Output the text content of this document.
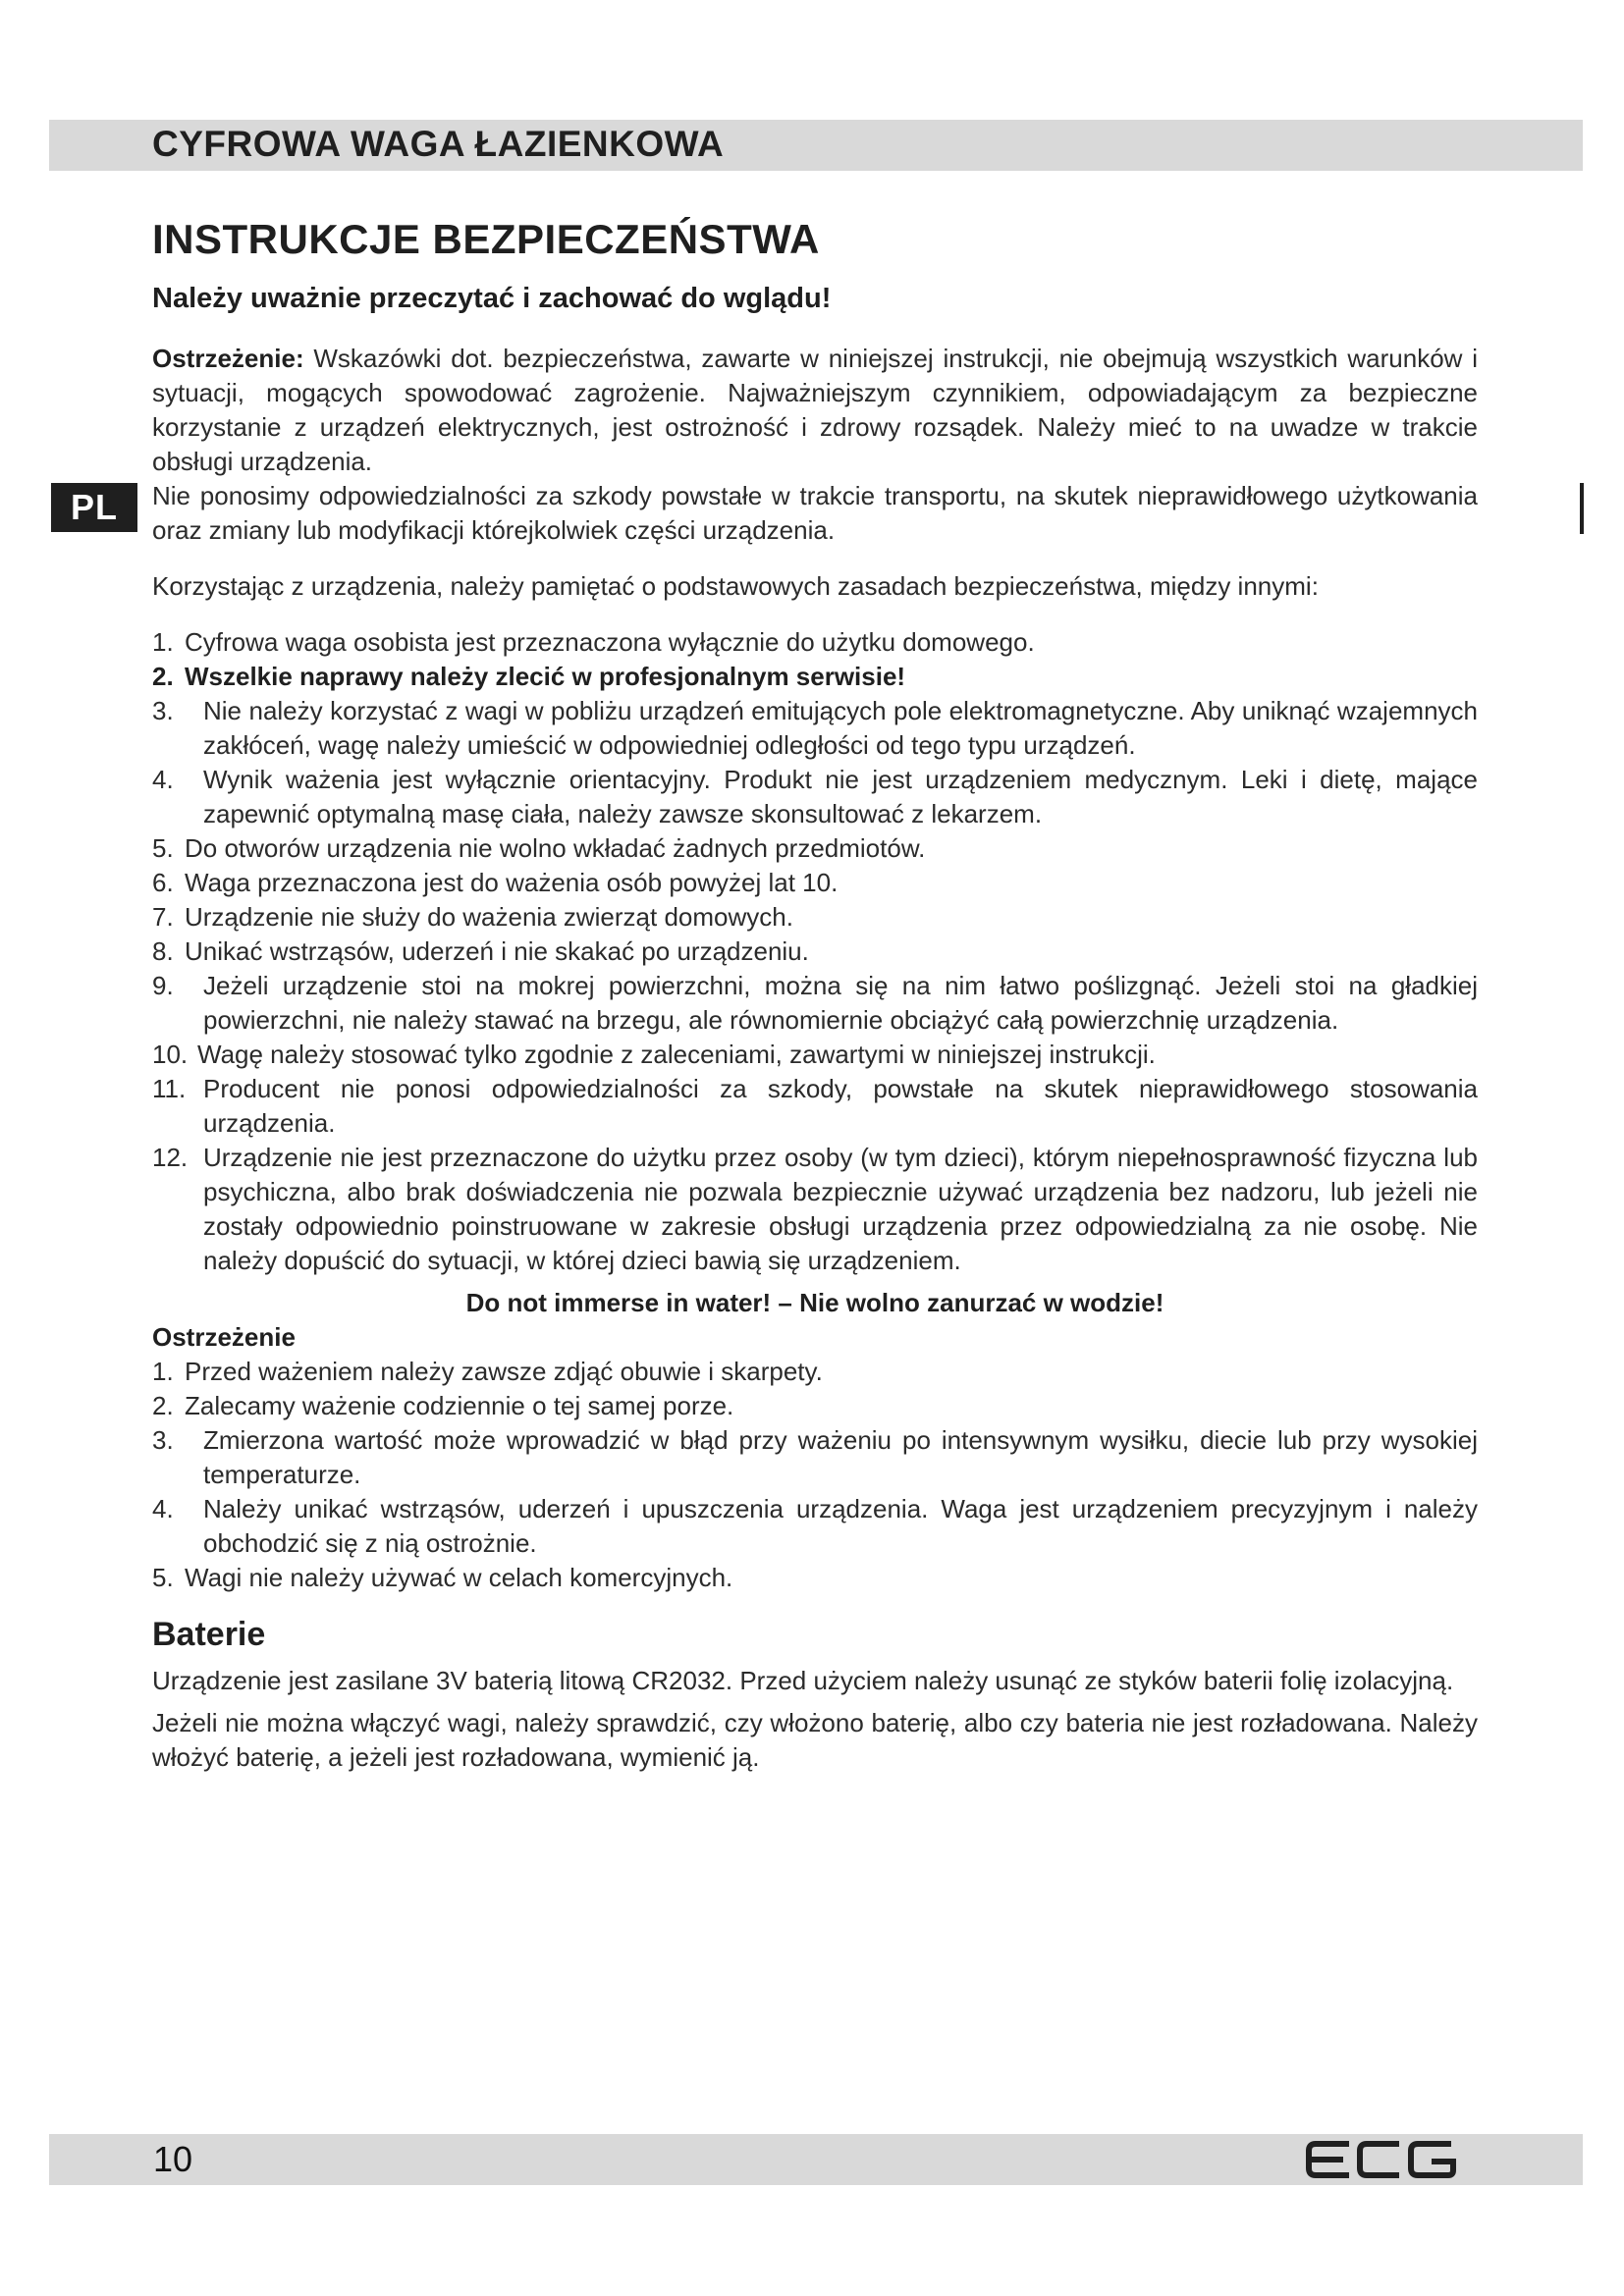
CYFROWA WAGA ŁAZIENKOWA
PL
INSTRUKCJE BEZPIECZEŃSTWA
Należy uważnie przeczytać i zachować do wglądu!

Ostrzeżenie: Wskazówki dot. bezpieczeństwa, zawarte w niniejszej instrukcji, nie obejmują wszystkich warunków i sytuacji, mogących spowodować zagrożenie. Najważniejszym czynnikiem, odpowiadającym za bezpieczne korzystanie z urządzeń elektrycznych, jest ostrożność i zdrowy rozsądek. Należy mieć to na uwadze w trakcie obsługi urządzenia.

Nie ponosimy odpowiedzialności za szkody powstałe w trakcie transportu, na skutek nieprawidłowego użytkowania oraz zmiany lub modyfikacji którejkolwiek części urządzenia.

Korzystając z urządzenia, należy pamiętać o podstawowych zasadach bezpieczeństwa, między innymi:

1. Cyfrowa waga osobista jest przeznaczona wyłącznie do użytku domowego.
2. Wszelkie naprawy należy zlecić w profesjonalnym serwisie!
3. Nie należy korzystać z wagi w pobliżu urządzeń emitujących pole elektromagnetyczne. Aby uniknąć wzajemnych zakłóceń, wagę należy umieścić w odpowiedniej odległości od tego typu urządzeń.
4. Wynik ważenia jest wyłącznie orientacyjny. Produkt nie jest urządzeniem medycznym. Leki i dietę, mające zapewnić optymalną masę ciała, należy zawsze skonsultować z lekarzem.
5. Do otworów urządzenia nie wolno wkładać żadnych przedmiotów.
6. Waga przeznaczona jest do ważenia osób powyżej lat 10.
7. Urządzenie nie służy do ważenia zwierząt domowych.
8. Unikać wstrząsów, uderzeń i nie skakać po urządzeniu.
9. Jeżeli urządzenie stoi na mokrej powierzchni, można się na nim łatwo poślizgnąć. Jeżeli stoi na gładkiej powierzchni, nie należy stawać na brzegu, ale równomiernie obciążyć całą powierzchnię urządzenia.
10. Wagę należy stosować tylko zgodnie z zaleceniami, zawartymi w niniejszej instrukcji.
11. Producent nie ponosi odpowiedzialności za szkody, powstałe na skutek nieprawidłowego stosowania urządzenia.
12. Urządzenie nie jest przeznaczone do użytku przez osoby (w tym dzieci), którym niepełnosprawność fizyczna lub psychiczna, albo brak doświadczenia nie pozwala bezpiecznie używać urządzenia bez nadzoru, lub jeżeli nie zostały odpowiednio poinstruowane w zakresie obsługi urządzenia przez odpowiedzialną za nie osobę. Nie należy dopuścić do sytuacji, w której dzieci bawią się urządzeniem.
Do not immerse in water! – Nie wolno zanurzać w wodzie!
Ostrzeżenie
1. Przed ważeniem należy zawsze zdjąć obuwie i skarpety.
2. Zalecamy ważenie codziennie o tej samej porze.
3. Zmierzona wartość może wprowadzić w błąd przy ważeniu po intensywnym wysiłku, diecie lub przy wysokiej temperaturze.
4. Należy unikać wstrząsów, uderzeń i upuszczenia urządzenia. Waga jest urządzeniem precyzyjnym i należy obchodzić się z nią ostrożnie.
5. Wagi nie należy używać w celach komercyjnych.
Baterie

Urządzenie jest zasilane 3V baterią litową CR2032. Przed użyciem należy usunąć ze styków baterii folię izolacyjną.

Jeżeli nie można włączyć wagi, należy sprawdzić, czy włożono baterię, albo czy bateria nie jest rozładowana. Należy włożyć baterię, a jeżeli jest rozładowana, wymienić ją.

10
